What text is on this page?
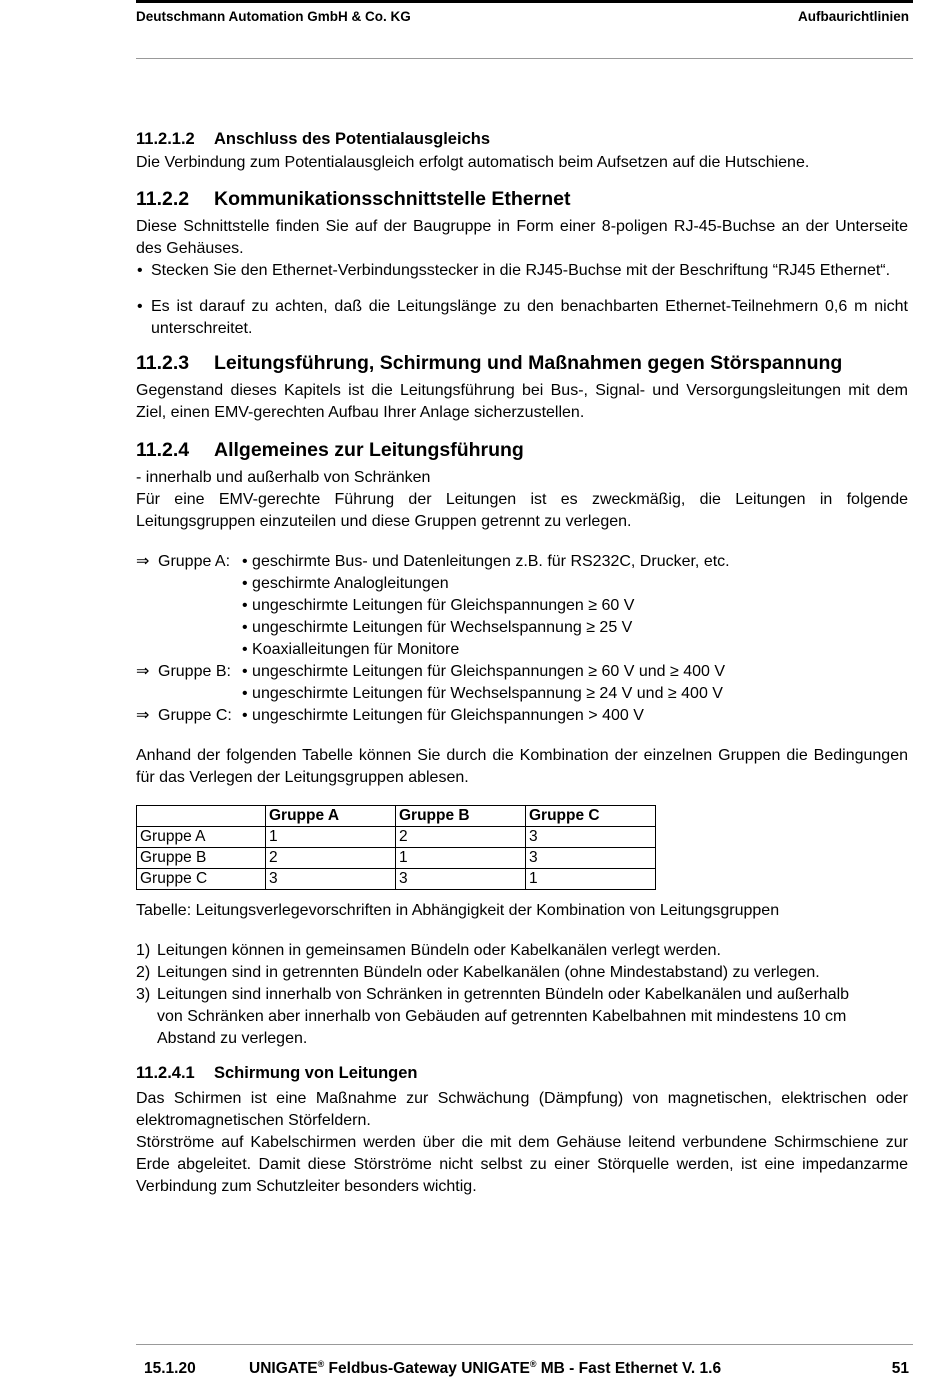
Deutschmann Automation GmbH & Co. KG	Aufbaurichtlinien
11.2.1.2 Anschluss des Potentialausgleichs

Die Verbindung zum Potentialausgleich erfolgt automatisch beim Aufsetzen auf die Hutschiene.

11.2.2 Kommunikationsschnittstelle Ethernet

Diese Schnittstelle finden Sie auf der Baugruppe in Form einer 8-poligen RJ-45-Buchse an der Unterseite des Gehäuses.

• Stecken Sie den Ethernet-Verbindungsstecker in die RJ45-Buchse mit der Beschriftung “RJ45 Ethernet“.

• Es ist darauf zu achten, daß die Leitungslänge zu den benachbarten Ethernet-Teilnehmern 0,6 m nicht unterschreitet.

11.2.3 Leitungsführung, Schirmung und Maßnahmen gegen Störspannung

Gegenstand dieses Kapitels ist die Leitungsführung bei Bus-, Signal- und Versorgungsleitungen mit dem Ziel, einen EMV-gerechten Aufbau Ihrer Anlage sicherzustellen.

11.2.4 Allgemeines zur Leitungsführung

- innerhalb und außerhalb von Schränken

Für eine EMV-gerechte Führung der Leitungen ist es zweckmäßig, die Leitungen in folgende Leitungsgruppen einzuteilen und diese Gruppen getrennt zu verlegen.

⇒ Gruppe A: • geschirmte Bus- und Datenleitungen z.B. für RS232C, Drucker, etc.
• geschirmte Analogleitungen
• ungeschirmte Leitungen für Gleichspannungen ≥ 60 V
• ungeschirmte Leitungen für Wechselspannung ≥ 25 V
• Koaxialleitungen für Monitore
⇒ Gruppe B: • ungeschirmte Leitungen für Gleichspannungen ≥ 60 V und ≥ 400 V
• ungeschirmte Leitungen für Wechselspannung ≥ 24 V und ≥ 400 V
⇒ Gruppe C: • ungeschirmte Leitungen für Gleichspannungen > 400 V

Anhand der folgenden Tabelle können Sie durch die Kombination der einzelnen Gruppen die Bedingungen für das Verlegen der Leitungsgruppen ablesen.

	Gruppe A	Gruppe B	Gruppe C
Gruppe A	1	2	3
Gruppe B	2	1	3
Gruppe C	3	3	1

Tabelle: Leitungsverlegevorschriften in Abhängigkeit der Kombination von Leitungsgruppen

1) Leitungen können in gemeinsamen Bündeln oder Kabelkanälen verlegt werden.

2) Leitungen sind in getrennten Bündeln oder Kabelkanälen (ohne Mindestabstand) zu verlegen.

3) Leitungen sind innerhalb von Schränken in getrennten Bündeln oder Kabelkanälen und außerhalb von Schränken aber innerhalb von Gebäuden auf getrennten Kabelbahnen mit mindestens 10 cm Abstand zu verlegen.

11.2.4.1 Schirmung von Leitungen

Das Schirmen ist eine Maßnahme zur Schwächung (Dämpfung) von magnetischen, elektrischen oder elektromagnetischen Störfeldern.

Störströme auf Kabelschirmen werden über die mit dem Gehäuse leitend verbundene Schirmschiene zur Erde abgeleitet. Damit diese Störströme nicht selbst zu einer Störquelle werden, ist eine impedanzarme Verbindung zum Schutzleiter besonders wichtig.

15.1.20	UNIGATE® Feldbus-Gateway UNIGATE® MB - Fast Ethernet V. 1.6	51
